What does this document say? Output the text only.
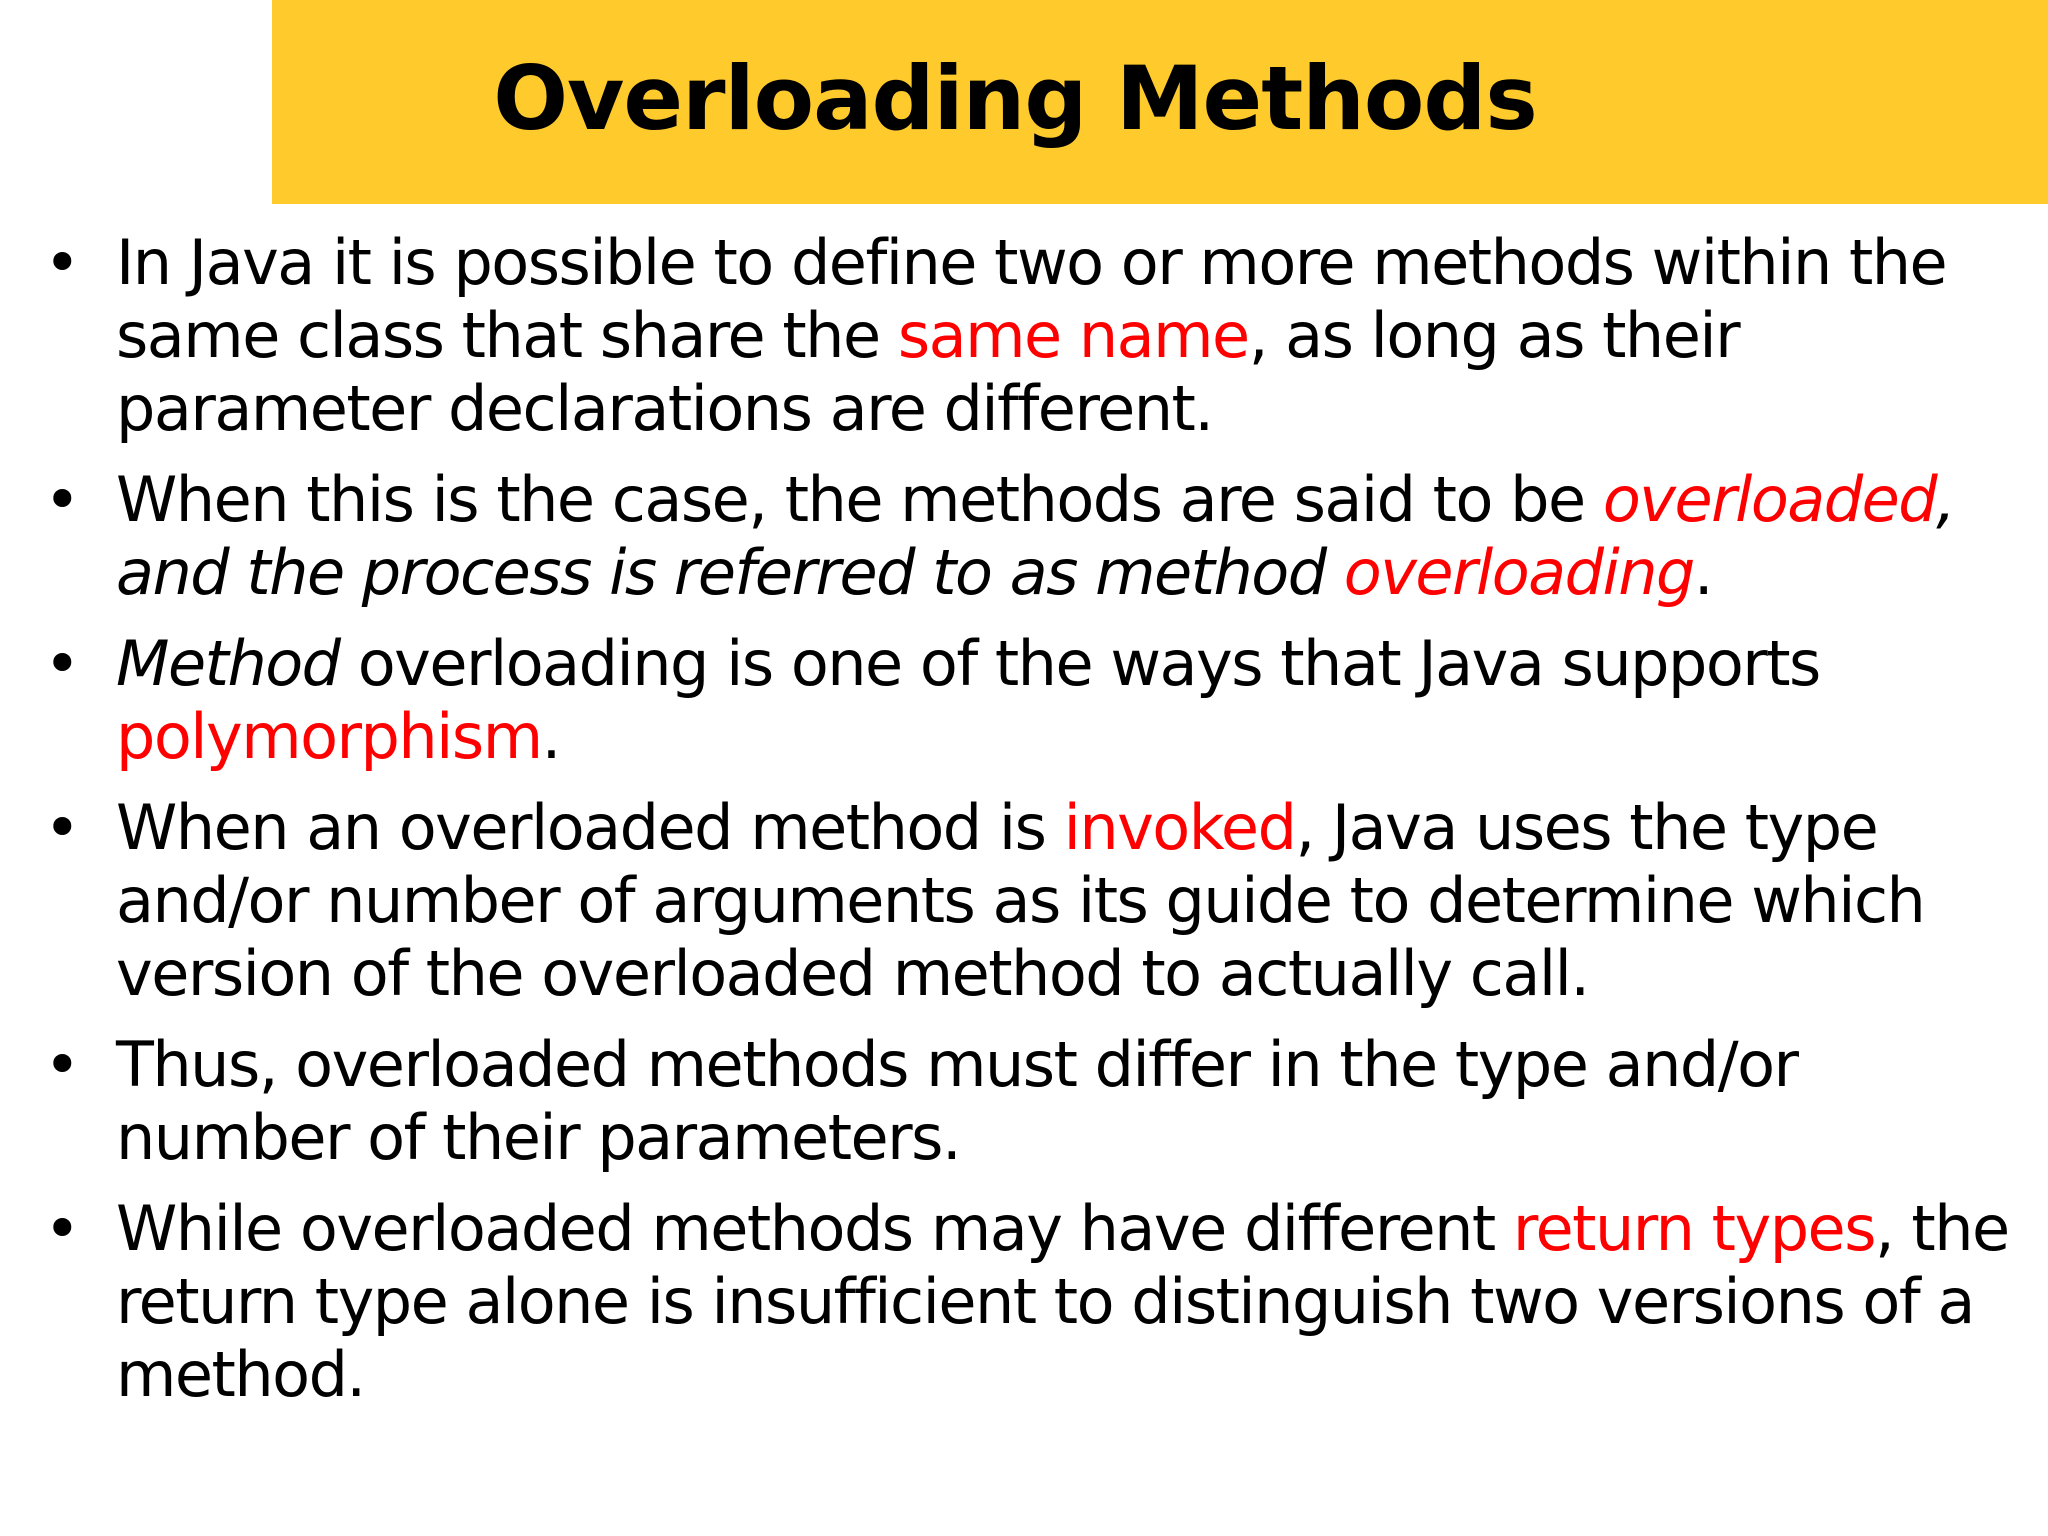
Overloading Methods
• In Java it is possible to define two or more methods within the same class that share the same name, as long as their parameter declarations are different.
• When this is the case, the methods are said to be overloaded, and the process is referred to as method overloading.
• Method overloading is one of the ways that Java supports polymorphism.
• When an overloaded method is invoked, Java uses the type and/or number of arguments as its guide to determine which version of the overloaded method to actually call.
• Thus, overloaded methods must differ in the type and/or number of their parameters.
• While overloaded methods may have different return types, the return type alone is insufficient to distinguish two versions of a method.
